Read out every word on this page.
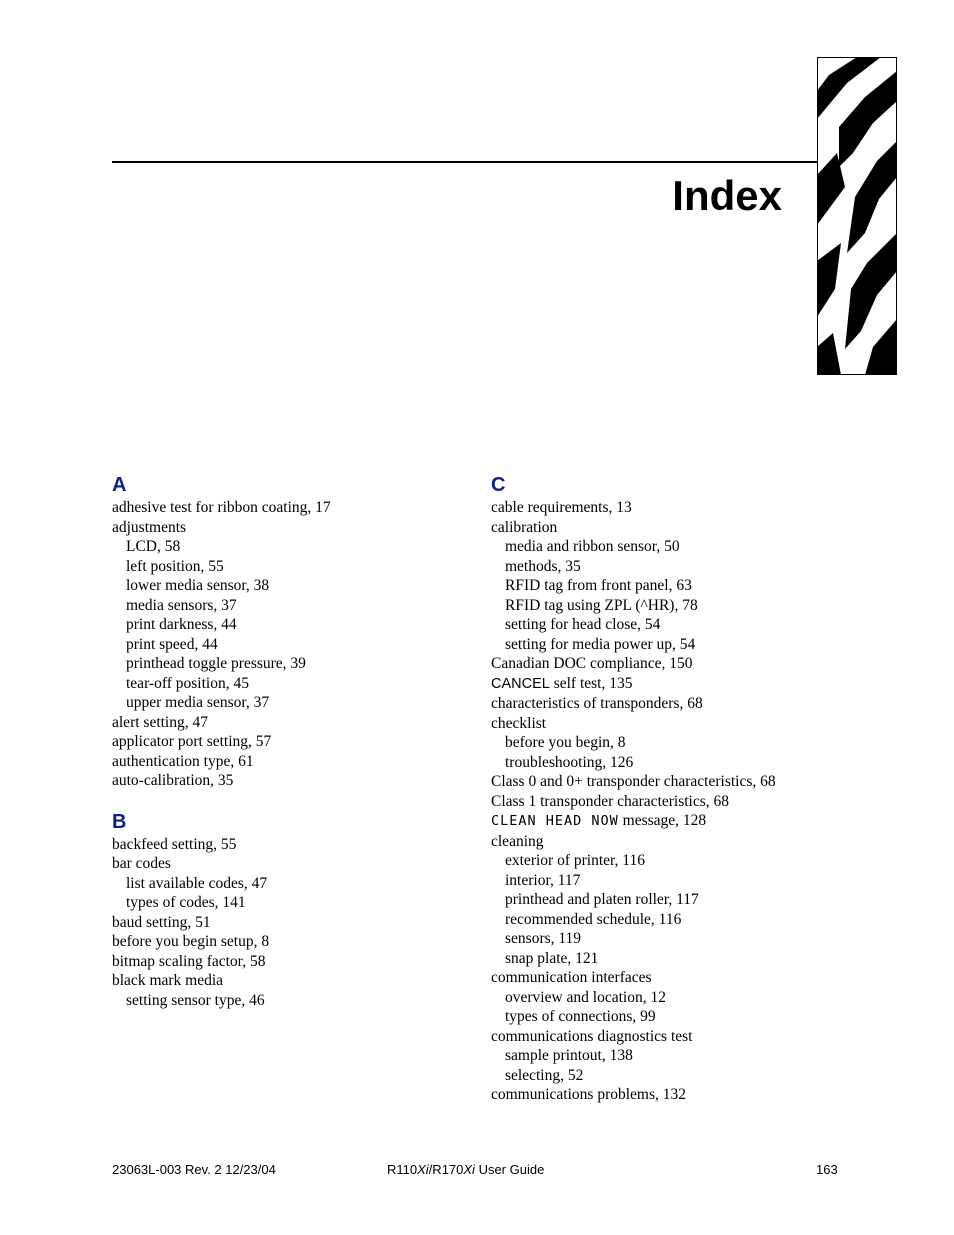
Index
A
adhesive test for ribbon coating, 17
adjustments
LCD, 58
left position, 55
lower media sensor, 38
media sensors, 37
print darkness, 44
print speed, 44
printhead toggle pressure, 39
tear-off position, 45
upper media sensor, 37
alert setting, 47
applicator port setting, 57
authentication type, 61
auto-calibration, 35
B
backfeed setting, 55
bar codes
list available codes, 47
types of codes, 141
baud setting, 51
before you begin setup, 8
bitmap scaling factor, 58
black mark media
setting sensor type, 46
C
cable requirements, 13
calibration
media and ribbon sensor, 50
methods, 35
RFID tag from front panel, 63
RFID tag using ZPL (^HR), 78
setting for head close, 54
setting for media power up, 54
Canadian DOC compliance, 150
CANCEL self test, 135
characteristics of transponders, 68
checklist
before you begin, 8
troubleshooting, 126
Class 0 and 0+ transponder characteristics, 68
Class 1 transponder characteristics, 68
CLEAN HEAD NOW message, 128
cleaning
exterior of printer, 116
interior, 117
printhead and platen roller, 117
recommended schedule, 116
sensors, 119
snap plate, 121
communication interfaces
overview and location, 12
types of connections, 99
communications diagnostics test
sample printout, 138
selecting, 52
communications problems, 132
23063L-003 Rev. 2 12/23/04	R110Xi/R170Xi User Guide	163
